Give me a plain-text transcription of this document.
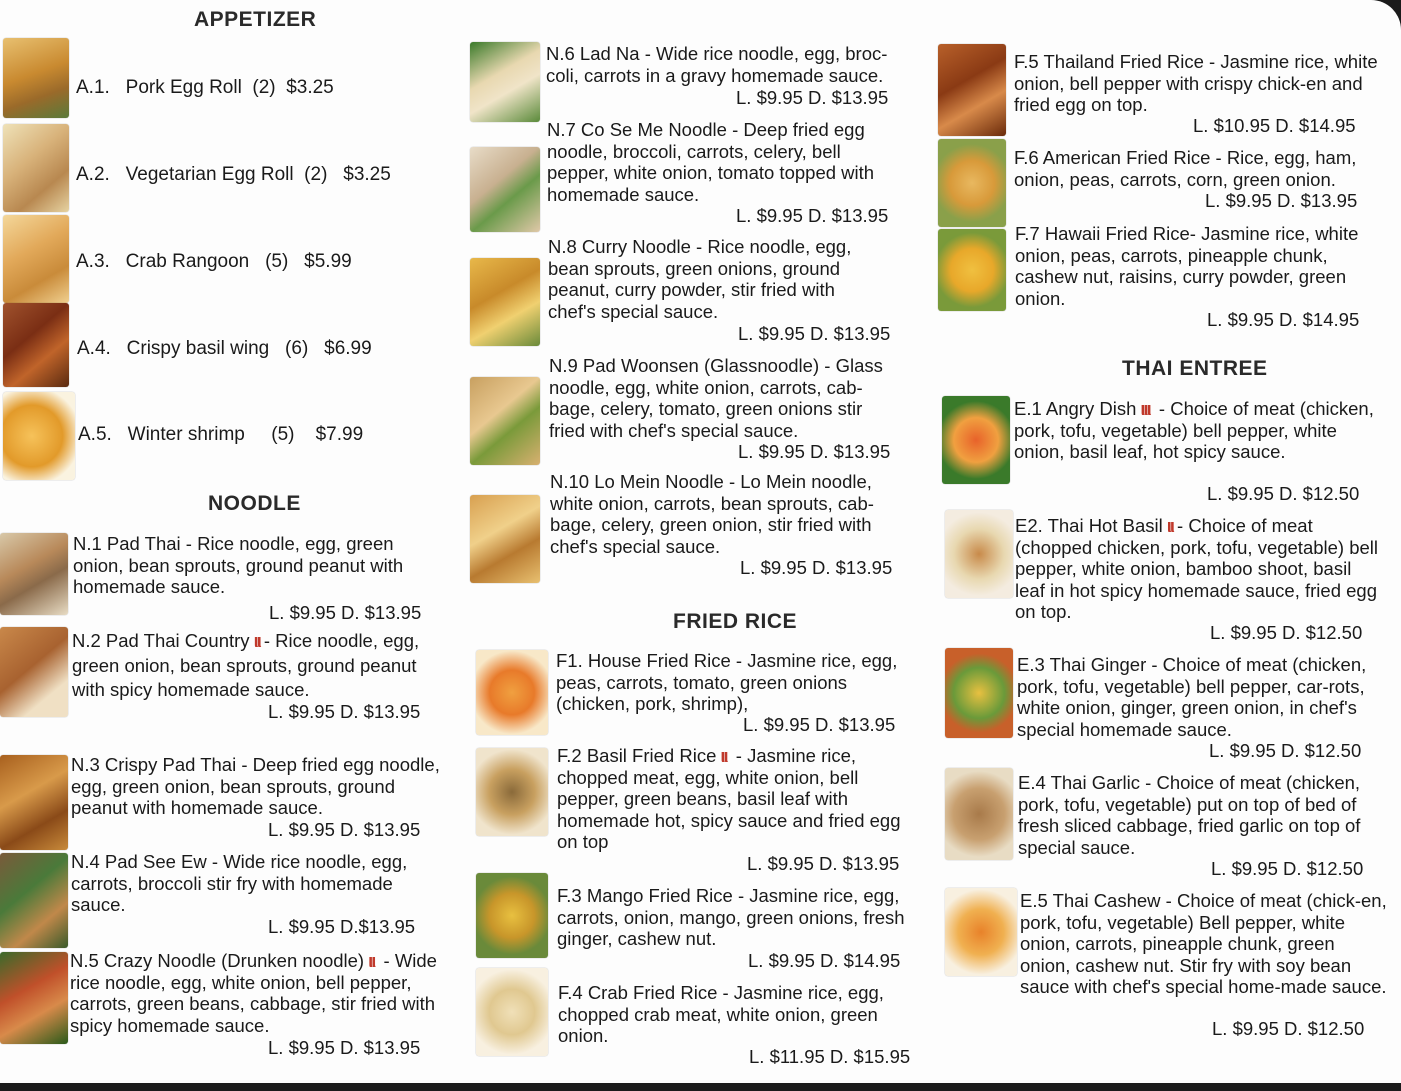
APPETIZER
A.1. Pork Egg Roll (2) $3.25
A.2. Vegetarian Egg Roll (2) $3.25
A.3. Crab Rangoon (5) $5.99
A.4. Crispy basil wing (6) $6.99
A.5. Winter shrimp (5) $7.99
NOODLE
N.1 Pad Thai - Rice noodle, egg, green onion, bean sprouts, ground peanut with homemade sauce.
L. $9.95 D. $13.95
N.2 Pad Thai Country ιι - Rice noodle, egg, green onion, bean sprouts, ground peanut with spicy homemade sauce.
L. $9.95 D. $13.95
N.3 Crispy Pad Thai - Deep fried egg noodle, egg, green onion, bean sprouts, ground peanut with homemade sauce.
L. $9.95 D. $13.95
N.4 Pad See Ew - Wide rice noodle, egg, carrots, broccoli stir fry with homemade sauce.
L. $9.95 D.$13.95
N.5 Crazy Noodle (Drunken noodle) ιι - Wide rice noodle, egg, white onion, bell pepper, carrots, green beans, cabbage, stir fried with spicy homemade sauce.
L. $9.95 D. $13.95
N.6 Lad Na - Wide rice noodle, egg, broc-coli, carrots in a gravy homemade sauce.
L. $9.95 D. $13.95
N.7 Co Se Me Noodle - Deep fried egg noodle, broccoli, carrots, celery, bell pepper, white onion, tomato topped with homemade sauce.
L. $9.95 D. $13.95
N.8 Curry Noodle - Rice noodle, egg, bean sprouts, green onions, ground peanut, curry powder, stir fried with chef's special sauce.
L. $9.95 D. $13.95
N.9 Pad Woonsen (Glassnoodle) - Glass noodle, egg, white onion, carrots, cab-bage, celery, tomato, green onions stir fried with chef's special sauce.
L. $9.95 D. $13.95
N.10 Lo Mein Noodle - Lo Mein noodle, white onion, carrots, bean sprouts, cab-bage, celery, green onion, stir fried with chef's special sauce.
L. $9.95 D. $13.95
FRIED RICE
F1. House Fried Rice - Jasmine rice, egg, peas, carrots, tomato, green onions (chicken, pork, shrimp),
L. $9.95 D. $13.95
F.2 Basil Fried Rice ιι - Jasmine rice, chopped meat, egg, white onion, bell pepper, green beans, basil leaf with homemade hot, spicy sauce and fried egg on top
L. $9.95 D. $13.95
F.3 Mango Fried Rice - Jasmine rice, egg, carrots, onion, mango, green onions, fresh ginger, cashew nut.
L. $9.95 D. $14.95
F.4 Crab Fried Rice - Jasmine rice, egg, chopped crab meat, white onion, green onion.
L. $11.95 D. $15.95
F.5 Thailand Fried Rice - Jasmine rice, white onion, bell pepper with crispy chick-en and fried egg on top.
L. $10.95 D. $14.95
F.6 American Fried Rice - Rice, egg, ham, onion, peas, carrots, corn, green onion.
L. $9.95 D. $13.95
F.7 Hawaii Fried Rice- Jasmine rice, white onion, peas, carrots, pineapple chunk, cashew nut, raisins, curry powder, green onion.
L. $9.95 D. $14.95
THAI ENTREE
E.1 Angry Dish ιιι - Choice of meat (chicken, pork, tofu, vegetable) bell pepper, white onion, basil leaf, hot spicy sauce.
L. $9.95 D. $12.50
E2. Thai Hot Basil ιι - Choice of meat (chopped chicken, pork, tofu, vegetable) bell pepper, white onion, bamboo shoot, basil leaf in hot spicy homemade sauce, fried egg on top.
L. $9.95 D. $12.50
E.3 Thai Ginger - Choice of meat (chicken, pork, tofu, vegetable) bell pepper, car-rots, white onion, ginger, green onion, in chef's special homemade sauce.
L. $9.95 D. $12.50
E.4 Thai Garlic - Choice of meat (chicken, pork, tofu, vegetable) put on top of bed of fresh sliced cabbage, fried garlic on top of special sauce.
L. $9.95 D. $12.50
E.5 Thai Cashew - Choice of meat (chick-en, pork, tofu, vegetable) Bell pepper, white onion, carrots, pineapple chunk, green onion, cashew nut. Stir fry with soy bean sauce with chef's special home-made sauce.
L. $9.95 D. $12.50
